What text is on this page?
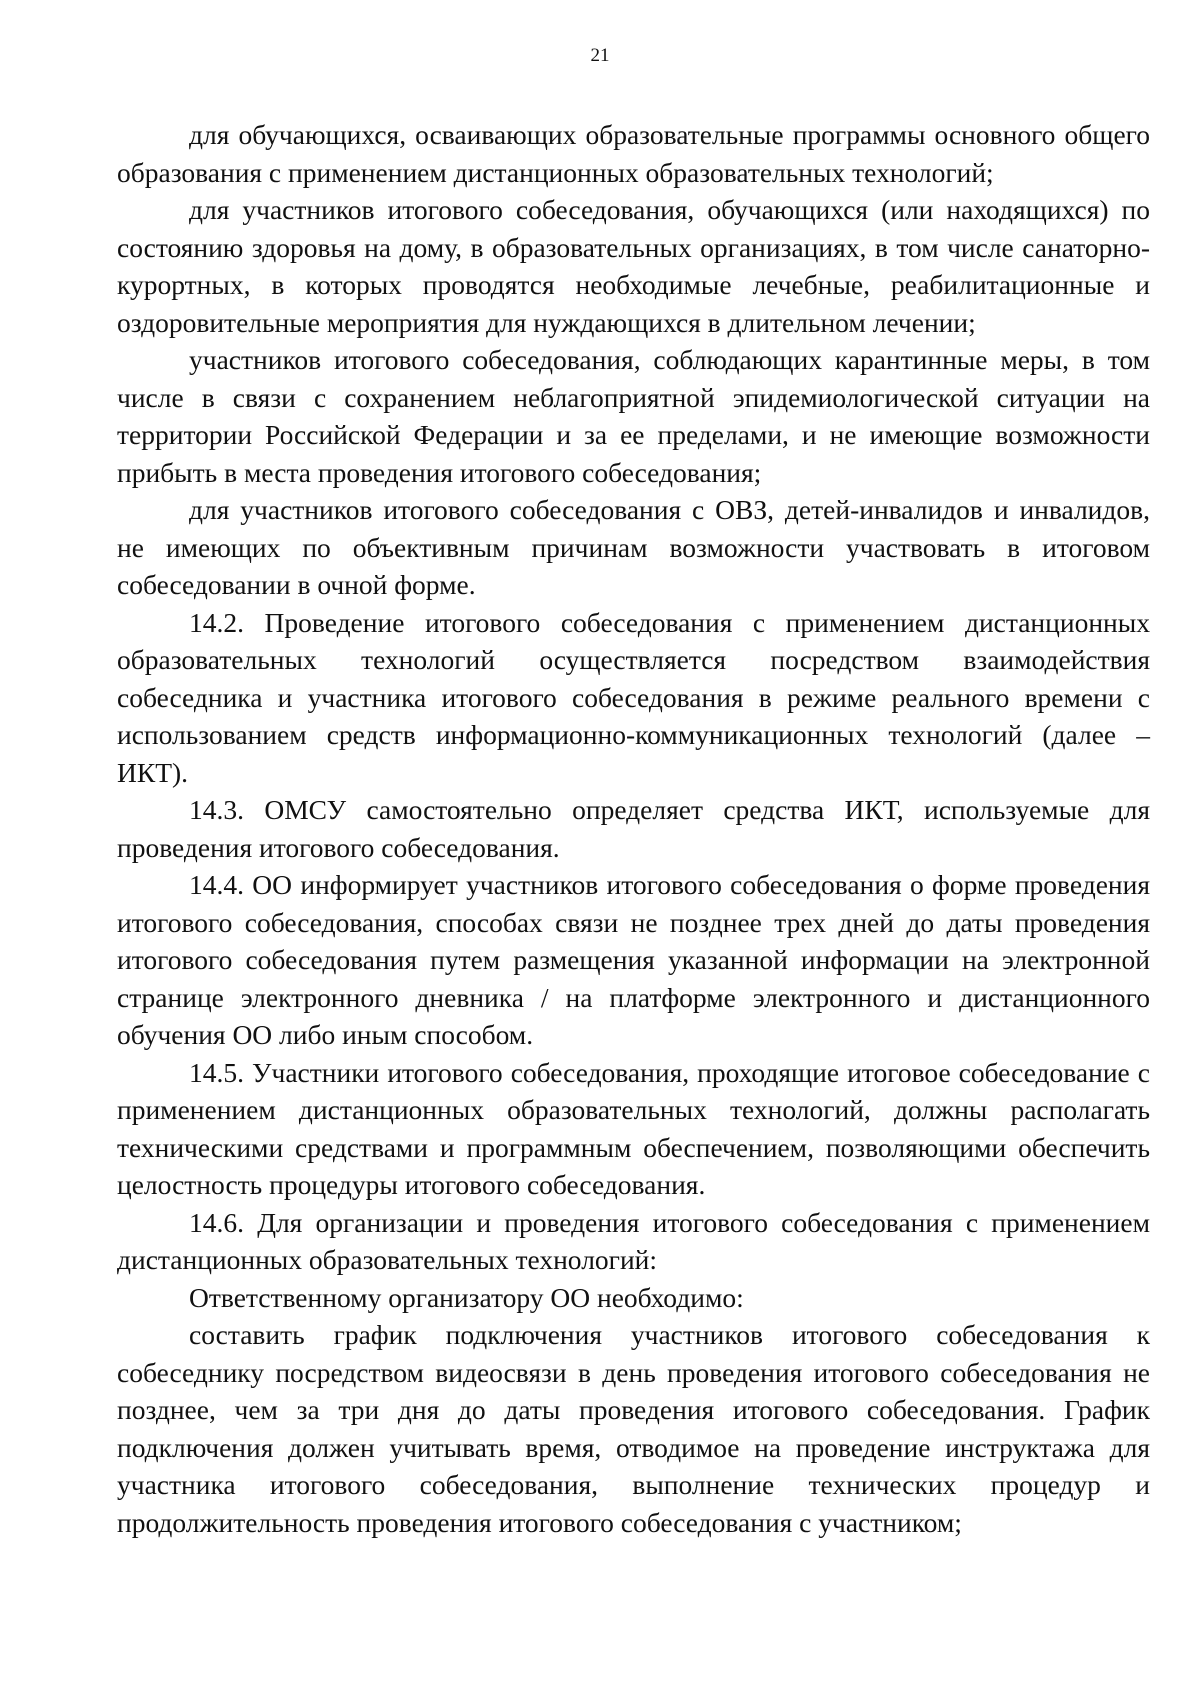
21

для обучающихся, осваивающих образовательные программы основного общего образования с применением дистанционных образовательных технологий;

для участников итогового собеседования, обучающихся (или находящихся) по состоянию здоровья на дому, в образовательных организациях, в том числе санаторно-курортных, в которых проводятся необходимые лечебные, реабилитационные и оздоровительные мероприятия для нуждающихся в длительном лечении;

участников итогового собеседования, соблюдающих карантинные меры, в том числе в связи с сохранением неблагоприятной эпидемиологической ситуации на территории Российской Федерации и за ее пределами, и не имеющие возможности прибыть в места проведения итогового собеседования;

для участников итогового собеседования с ОВЗ, детей-инвалидов и инвалидов, не имеющих по объективным причинам возможности участвовать в итоговом собеседовании в очной форме.

14.2. Проведение итогового собеседования с применением дистанционных образовательных технологий осуществляется посредством взаимодействия собеседника и участника итогового собеседования в режиме реального времени с использованием средств информационно-коммуникационных технологий (далее – ИКТ).

14.3. ОМСУ самостоятельно определяет средства ИКТ, используемые для проведения итогового собеседования.

14.4. ОО информирует участников итогового собеседования о форме проведения итогового собеседования, способах связи не позднее трех дней до даты проведения итогового собеседования путем размещения указанной информации на электронной странице электронного дневника / на платформе электронного и дистанционного обучения ОО либо иным способом.

14.5. Участники итогового собеседования, проходящие итоговое собеседование с применением дистанционных образовательных технологий, должны располагать техническими средствами и программным обеспечением, позволяющими обеспечить целостность процедуры итогового собеседования.

14.6. Для организации и проведения итогового собеседования с применением дистанционных образовательных технологий:

Ответственному организатору ОО необходимо:

составить график подключения участников итогового собеседования к собеседнику посредством видеосвязи в день проведения итогового собеседования не позднее, чем за три дня до даты проведения итогового собеседования. График подключения должен учитывать время, отводимое на проведение инструктажа для участника итогового собеседования, выполнение технических процедур и продолжительность проведения итогового собеседования с участником;
